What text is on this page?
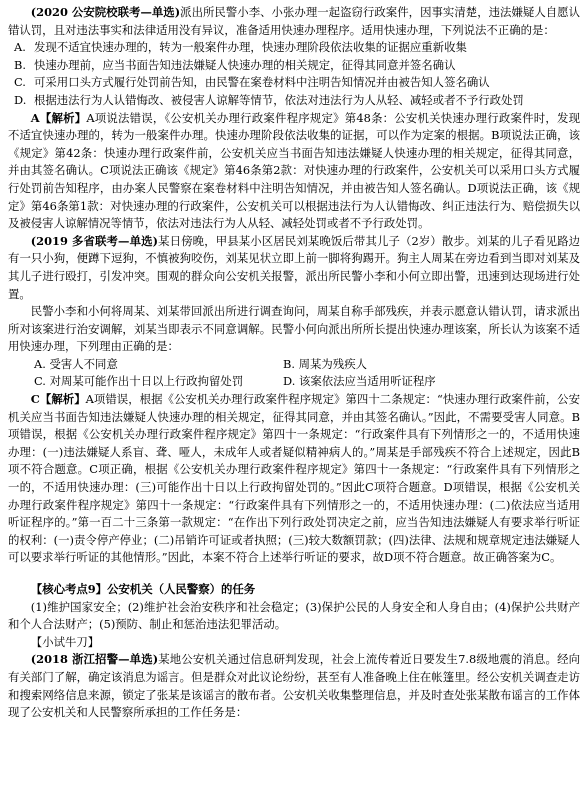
(2020 公安院校联考—单选)派出所民警小李、小张办理一起盗窃行政案件，因事实清楚，违法嫌疑人自愿认错认罚，且对违法事实和法律适用没有异议，准备适用快速办理程序。适用快速办理，下列说法不正确的是：

A. 发现不适宜快速办理的，转为一般案件办理，快速办理阶段依法收集的证据应重新收集

B. 快速办理前，应当书面告知违法嫌疑人快速办理的相关规定，征得其同意并签名确认

C. 可采用口头方式履行处罚前告知，由民警在案卷材料中注明告知情况并由被告知人签名确认

D. 根据违法行为人认错悔改、被侵害人谅解等情节，依法对违法行为人从轻、减轻或者不予行政处罚

A【解析】A项说法错误，《公安机关办理行政案件程序规定》第48条：公安机关快速办理行政案件时，发现不适宜快速办理的，转为一般案件办理。快速办理阶段依法收集的证据，可以作为定案的根据。B项说法正确，该《规定》第42条：快速办理行政案件前，公安机关应当书面告知违法嫌疑人快速办理的相关规定，征得其同意，并由其签名确认。C项说法正确该《规定》第46条第2款：对快速办理的行政案件，公安机关可以采用口头方式履行处罚前告知程序，由办案人民警察在案卷材料中注明告知情况，并由被告知人签名确认。D项说法正确，该《规定》第46条第1款：对快速办理的行政案件，公安机关可以根据违法行为人认错悔改、纠正违法行为、赔偿损失以及被侵害人谅解情况等情节，依法对违法行为人从轻、减轻处罚或者不予行政处罚。

(2019 多省联考—单选)某日傍晚，甲县某小区居民刘某晚饭后带其儿子（2岁）散步。刘某的儿子看见路边有一只小狗，便蹲下逗狗，不慎被狗咬伤，刘某见状立即上前一脚将狗踢开。狗主人周某在旁边看到当即对刘某及其儿子进行殴打，引发冲突。围观的群众向公安机关报警，派出所民警小李和小何立即出警，迅速到达现场进行处置。

民警小李和小何将周某、刘某带回派出所进行调查询问，周某自称手部残疾，并表示愿意认错认罚，请求派出所对该案进行治安调解，刘某当即表示不同意调解。民警小何向派出所所长提出快速办理该案，所长认为该案不适用快速办理，下列理由正确的是：

A. 受害人不同意	B. 周某为残疾人
C. 对周某可能作出十日以上行政拘留处罚	D. 该案依法应当适用听证程序

C【解析】A项错误，根据《公安机关办理行政案件程序规定》第四十二条规定：“快速办理行政案件前，公安机关应当书面告知违法嫌疑人快速办理的相关规定，征得其同意，并由其签名确认。”因此，不需要受害人同意。B项错误，根据《公安机关办理行政案件程序规定》第四十一条规定：“行政案件具有下列情形之一的，不适用快速办理：(一)违法嫌疑人系盲、聋、哑人，未成年人或者疑似精神病人的。”周某是手部残疾不符合上述规定，因此B项不符合题意。C项正确，根据《公安机关办理行政案件程序规定》第四十一条规定：“行政案件具有下列情形之一的，不适用快速办理：(三)可能作出十日以上行政拘留处罚的。”因此C项符合题意。D项错误，根据《公安机关办理行政案件程序规定》第四十一条规定：“行政案件具有下列情形之一的，不适用快速办理：(二)依法应当适用听证程序的。”第一百二十三条第一款规定：“在作出下列行政处罚决定之前，应当告知违法嫌疑人有要求举行听证的权利：(一)责令停产停业；(二)吊销许可证或者执照；(三)较大数额罚款；(四)法律、法规和规章规定违法嫌疑人可以要求举行听证的其他情形。”因此，本案不符合上述举行听证的要求，故D项不符合题意。故正确答案为C。

【核心考点9】公安机关（人民警察）的任务

(1)维护国家安全；(2)维护社会治安秩序和社会稳定；(3)保护公民的人身安全和人身自由；(4)保护公共财产和个人合法财产；(5)预防、制止和惩治违法犯罪活动。

【小试牛刀】

(2018 浙江招警—单选)某地公安机关通过信息研判发现，社会上流传着近日要发生7.8级地震的消息。经向有关部门了解，确定该消息为谣言。但是群众对此议论纷纷，甚至有人准备晚上住在帐篷里。经公安机关调查走访和搜索网络信息来源，锁定了张某是该谣言的散布者。公安机关收集整理信息，并及时查处张某散布谣言的工作体现了公安机关和人民警察所承担的工作任务是：
